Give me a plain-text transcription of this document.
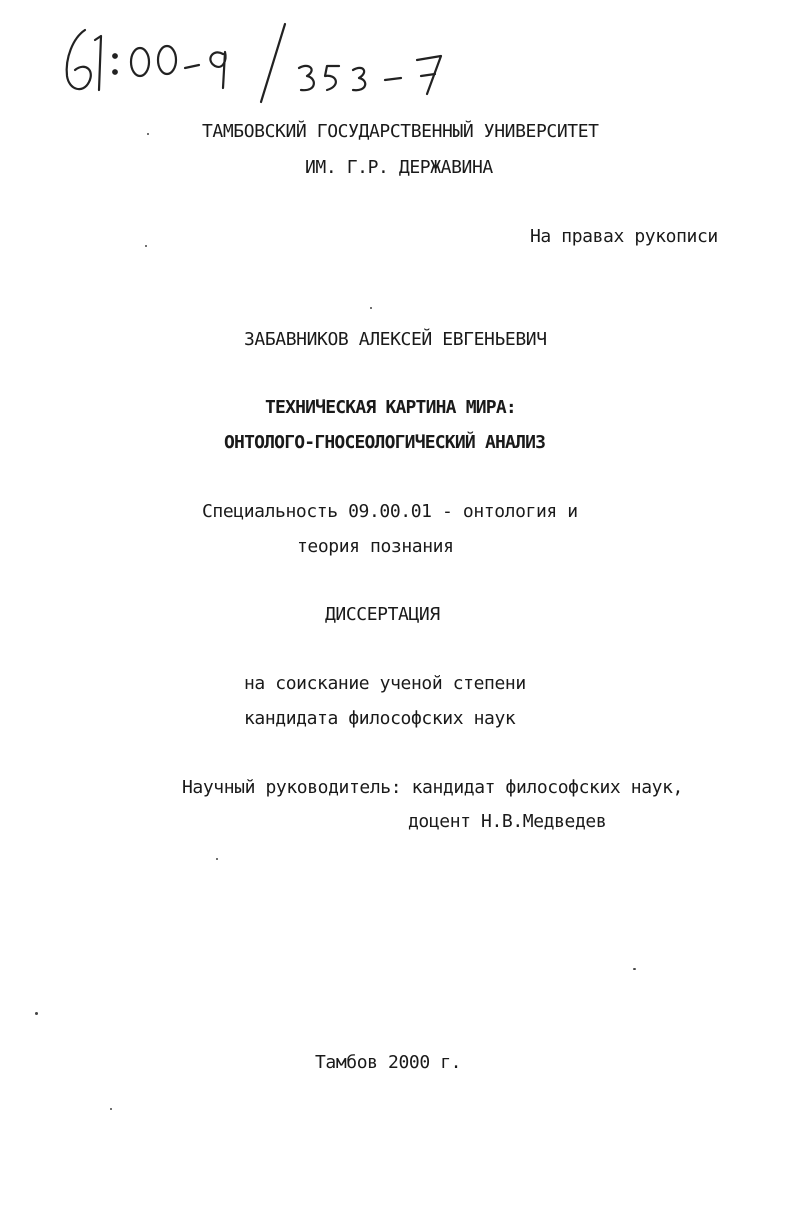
ТАМБОВСКИЙ ГОСУДАРСТВЕННЫЙ УНИВЕРСИТЕТ
ИМ. Г.Р. ДЕРЖАВИНА
На правах рукописи
ЗАБАВНИКОВ АЛЕКСЕЙ ЕВГЕНЬЕВИЧ
ТЕХНИЧЕСКАЯ КАРТИНА МИРА:
ОНТОЛОГО-ГНОСЕОЛОГИЧЕСКИЙ АНАЛИЗ
Специальность 09.00.01 - онтология и
теория познания
ДИССЕРТАЦИЯ
на соискание ученой степени
кандидата философских наук
Научный руководитель: кандидат философских наук,
доцент Н.В.Медведев
Тамбов 2000 г.
